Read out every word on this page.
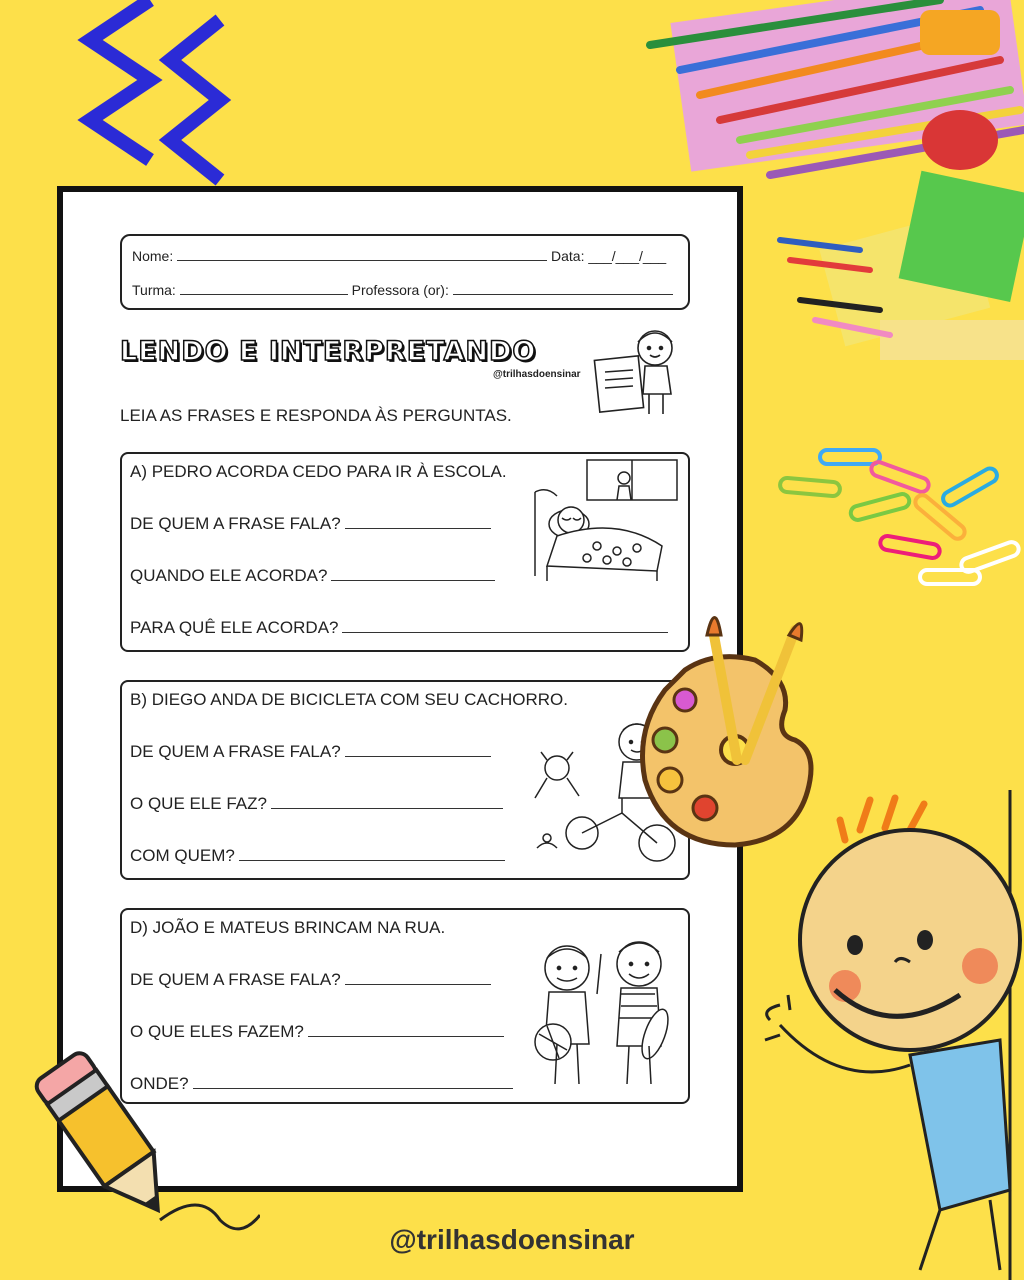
Nome:	Data: ___/___/___
Turma:	Professora (or):
LENDO E INTERPRETANDO
@trilhasdoensinar
LEIA AS FRASES E RESPONDA ÀS PERGUNTAS.
A) PEDRO ACORDA CEDO PARA IR À ESCOLA.
DE QUEM A FRASE FALA?
QUANDO ELE ACORDA?
PARA QUÊ ELE ACORDA?
B) DIEGO ANDA DE BICICLETA COM SEU CACHORRO.
DE QUEM A FRASE FALA?
O QUE ELE FAZ?
COM QUEM?
D) JOÃO E MATEUS BRINCAM NA RUA.
DE QUEM A FRASE FALA?
O QUE ELES FAZEM?
ONDE?
@trilhasdoensinar
